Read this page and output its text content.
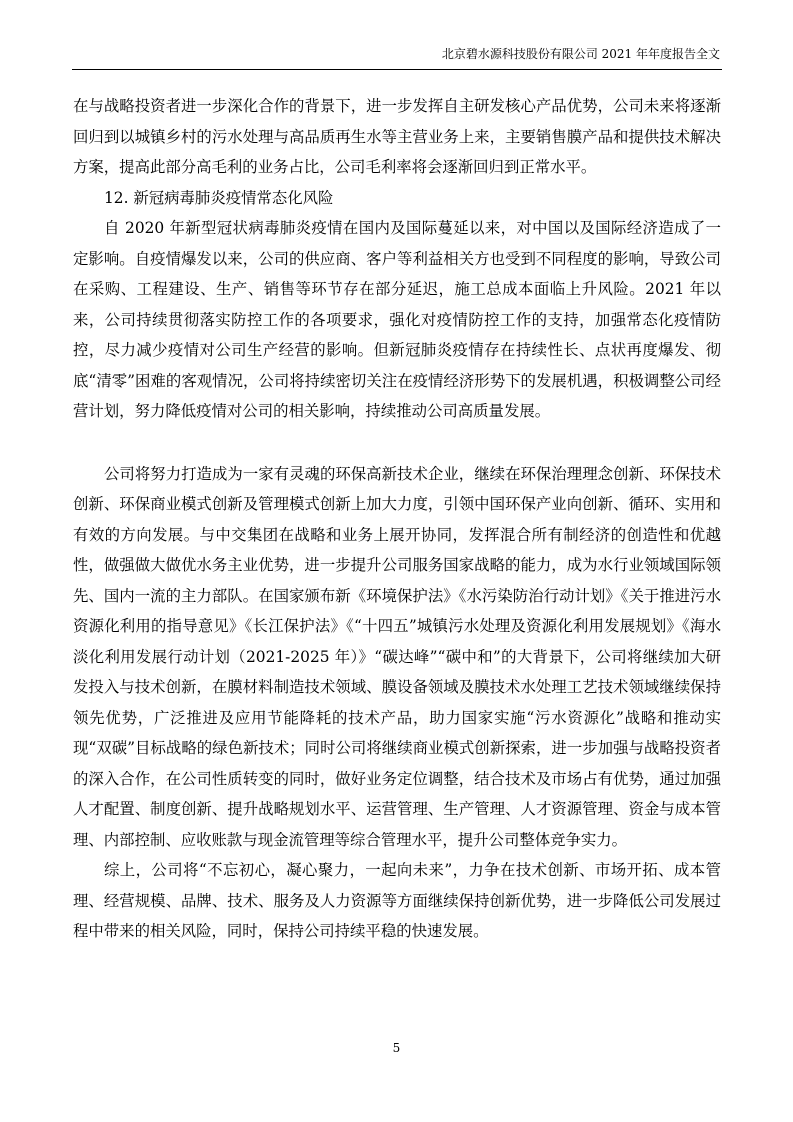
北京碧水源科技股份有限公司 2021 年年度报告全文

在与战略投资者进一步深化合作的背景下，进一步发挥自主研发核心产品优势，公司未来将逐渐回归到以城镇乡村的污水处理与高品质再生水等主营业务上来，主要销售膜产品和提供技术解决方案，提高此部分高毛利的业务占比，公司毛利率将会逐渐回归到正常水平。

12. 新冠病毒肺炎疫情常态化风险

自 2020 年新型冠状病毒肺炎疫情在国内及国际蔓延以来，对中国以及国际经济造成了一定影响。自疫情爆发以来，公司的供应商、客户等利益相关方也受到不同程度的影响，导致公司在采购、工程建设、生产、销售等环节存在部分延迟，施工总成本面临上升风险。2021 年以来，公司持续贯彻落实防控工作的各项要求，强化对疫情防控工作的支持，加强常态化疫情防控，尽力减少疫情对公司生产经营的影响。但新冠肺炎疫情存在持续性长、点状再度爆发、彻底“清零”困难的客观情况，公司将持续密切关注在疫情经济形势下的发展机遇，积极调整公司经营计划，努力降低疫情对公司的相关影响，持续推动公司高质量发展。

公司将努力打造成为一家有灵魂的环保高新技术企业，继续在环保治理理念创新、环保技术创新、环保商业模式创新及管理模式创新上加大力度，引领中国环保产业向创新、循环、实用和有效的方向发展。与中交集团在战略和业务上展开协同，发挥混合所有制经济的创造性和优越性，做强做大做优水务主业优势，进一步提升公司服务国家战略的能力，成为水行业领域国际领先、国内一流的主力部队。在国家颁布新《环境保护法》《水污染防治行动计划》《关于推进污水资源化利用的指导意见》《长江保护法》《“十四五”城镇污水处理及资源化利用发展规划》《海水淡化利用发展行动计划（2021-2025 年）》“碳达峰”“碳中和”的大背景下，公司将继续加大研发投入与技术创新，在膜材料制造技术领域、膜设备领域及膜技术水处理工艺技术领域继续保持领先优势，广泛推进及应用节能降耗的技术产品，助力国家实施“污水资源化”战略和推动实现“双碳”目标战略的绿色新技术；同时公司将继续商业模式创新探索，进一步加强与战略投资者的深入合作，在公司性质转变的同时，做好业务定位调整，结合技术及市场占有优势，通过加强人才配置、制度创新、提升战略规划水平、运营管理、生产管理、人才资源管理、资金与成本管理、内部控制、应收账款与现金流管理等综合管理水平，提升公司整体竞争实力。

综上，公司将“不忘初心，凝心聚力，一起向未来”，力争在技术创新、市场开拓、成本管理、经营规模、品牌、技术、服务及人力资源等方面继续保持创新优势，进一步降低公司发展过程中带来的相关风险，同时，保持公司持续平稳的快速发展。

5
